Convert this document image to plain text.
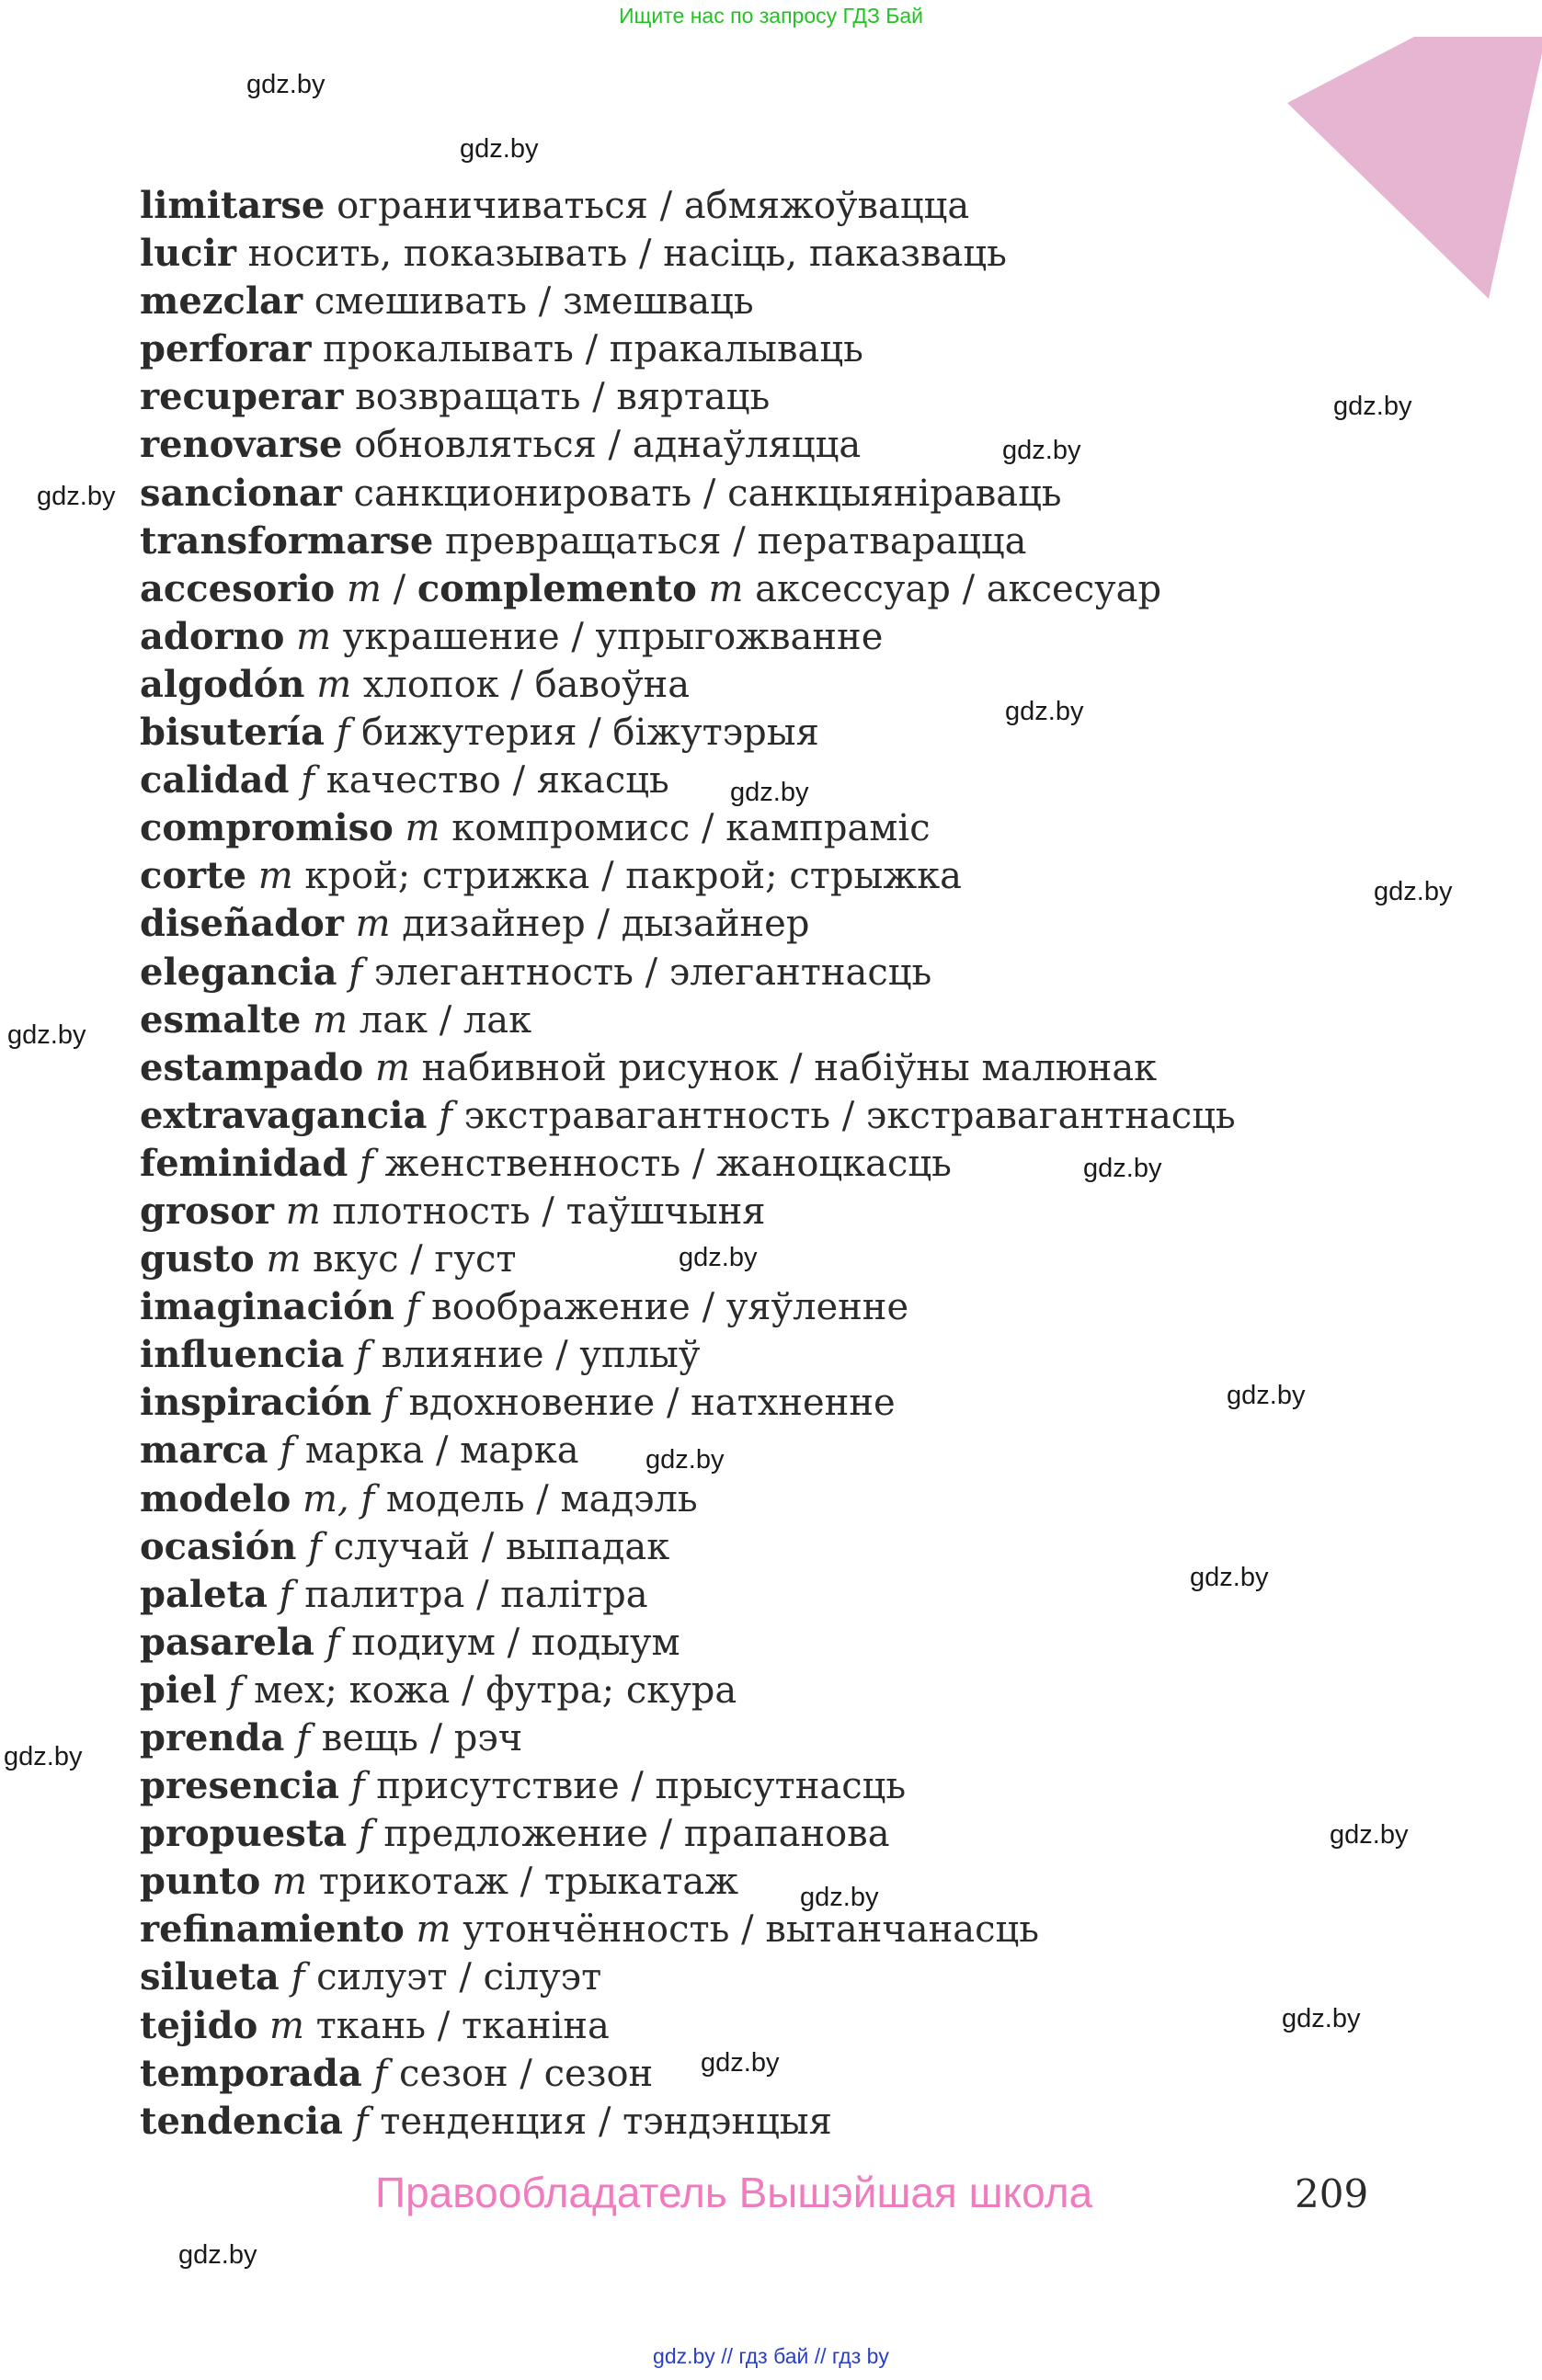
Ищите нас по запросу ГДЗ Бай
gdz.by
gdz.by
gdz.by
gdz.by
gdz.by
gdz.by
gdz.by
gdz.by
gdz.by
gdz.by
gdz.by
gdz.by
gdz.by
gdz.by
gdz.by
gdz.by
gdz.by
gdz.by
gdz.by
gdz.by
limitarse ограничиваться / абмяжоўвацца
lucir носить, показывать / насіць, паказваць
mezclar смешивать / змешваць
perforar прокалывать / пракалываць
recuperar возвращать / вяртаць
renovarse обновляться / аднаўляцца
sancionar санкционировать / санкцыяніраваць
transformarse превращаться / ператварацца
accesorio m / complemento m аксессуар / аксесуар
adorno m украшение / упрыгожванне
algodón m хлопок / бавоўна
bisutería f бижутерия / біжутэрыя
calidad f качество / якасць
compromiso m компромисс / кампраміс
corte m крой; стрижка / пакрой; стрыжка
diseñador m дизайнер / дызайнер
elegancia f элегантность / элегантнасць
esmalte m лак / лак
estampado m набивной рисунок / набіўны малюнак
extravagancia f экстравагантность / экстравагантнасць
feminidad f женственность / жаноцкасць
grosor m плотность / таўшчыня
gusto m вкус / густ
imaginación f воображение / уяўленне
influencia f влияние / уплыў
inspiración f вдохновение / натхненне
marca f марка / марка
modelo m, f модель / мадэль
ocasión f случай / выпадак
paleta f палитра / палітра
pasarela f подиум / подыум
piel f мех; кожа / футра; скура
prenda f вещь / рэч
presencia f присутствие / прысутнасць
propuesta f предложение / прапанова
punto m трикотаж / трыкатаж
refinamiento m утончённость / вытанчанасць
silueta f силуэт / сілуэт
tejido m ткань / тканіна
temporada f сезон / сезон
tendencia f тенденция / тэндэнцыя
Правообладатель Вышэйшая школа	209
gdz.by // гдз бай // гдз by
